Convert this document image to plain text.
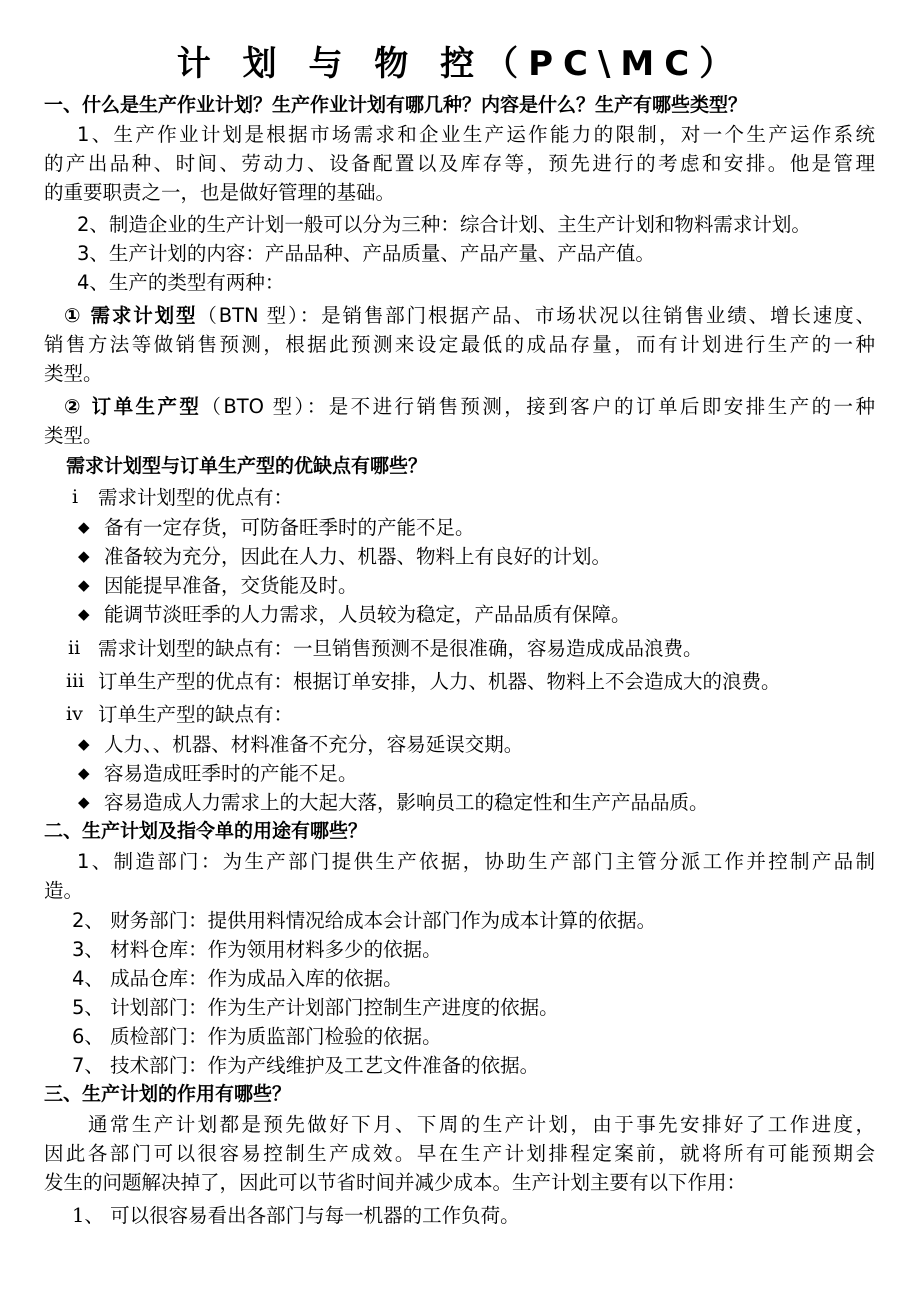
计 划 与 物 控（PC\MC）
一、什么是生产作业计划？生产作业计划有哪几种？内容是什么？生产有哪些类型？
1、生产作业计划是根据市场需求和企业生产运作能力的限制，对一个生产运作系统
的产出品种、时间、劳动力、设备配置以及库存等，预先进行的考虑和安排。他是管理
的重要职责之一，也是做好管理的基础。
2、制造企业的生产计划一般可以分为三种：综合计划、主生产计划和物料需求计划。
3、生产计划的内容：产品品种、产品质量、产品产量、产品产值。
4、生产的类型有两种：
① 需求计划型（BTN 型）：是销售部门根据产品、市场状况以往销售业绩、增长速度、
销售方法等做销售预测，根据此预测来设定最低的成品存量，而有计划进行生产的一种
类型。
② 订单生产型（BTO 型）：是不进行销售预测，接到客户的订单后即安排生产的一种
类型。
需求计划型与订单生产型的优缺点有哪些？
i 需求计划型的优点有：
◆ 备有一定存货，可防备旺季时的产能不足。
◆ 准备较为充分，因此在人力、机器、物料上有良好的计划。
◆ 因能提早准备，交货能及时。
◆ 能调节淡旺季的人力需求，人员较为稳定，产品品质有保障。
ii 需求计划型的缺点有：一旦销售预测不是很准确，容易造成成品浪费。
iii 订单生产型的优点有：根据订单安排，人力、机器、物料上不会造成大的浪费。
iv 订单生产型的缺点有：
◆ 人力、、机器、材料准备不充分，容易延误交期。
◆ 容易造成旺季时的产能不足。
◆ 容易造成人力需求上的大起大落，影响员工的稳定性和生产产品品质。
二、生产计划及指令单的用途有哪些？
1、制造部门：为生产部门提供生产依据，协助生产部门主管分派工作并控制产品制
造。
2、 财务部门：提供用料情况给成本会计部门作为成本计算的依据。
3、 材料仓库：作为领用材料多少的依据。
4、 成品仓库：作为成品入库的依据。
5、 计划部门：作为生产计划部门控制生产进度的依据。
6、 质检部门：作为质监部门检验的依据。
7、 技术部门：作为产线维护及工艺文件准备的依据。
三、生产计划的作用有哪些？
通常生产计划都是预先做好下月、下周的生产计划，由于事先安排好了工作进度，
因此各部门可以很容易控制生产成效。早在生产计划排程定案前，就将所有可能预期会
发生的问题解决掉了，因此可以节省时间并减少成本。生产计划主要有以下作用：
1、 可以很容易看出各部门与每一机器的工作负荷。
